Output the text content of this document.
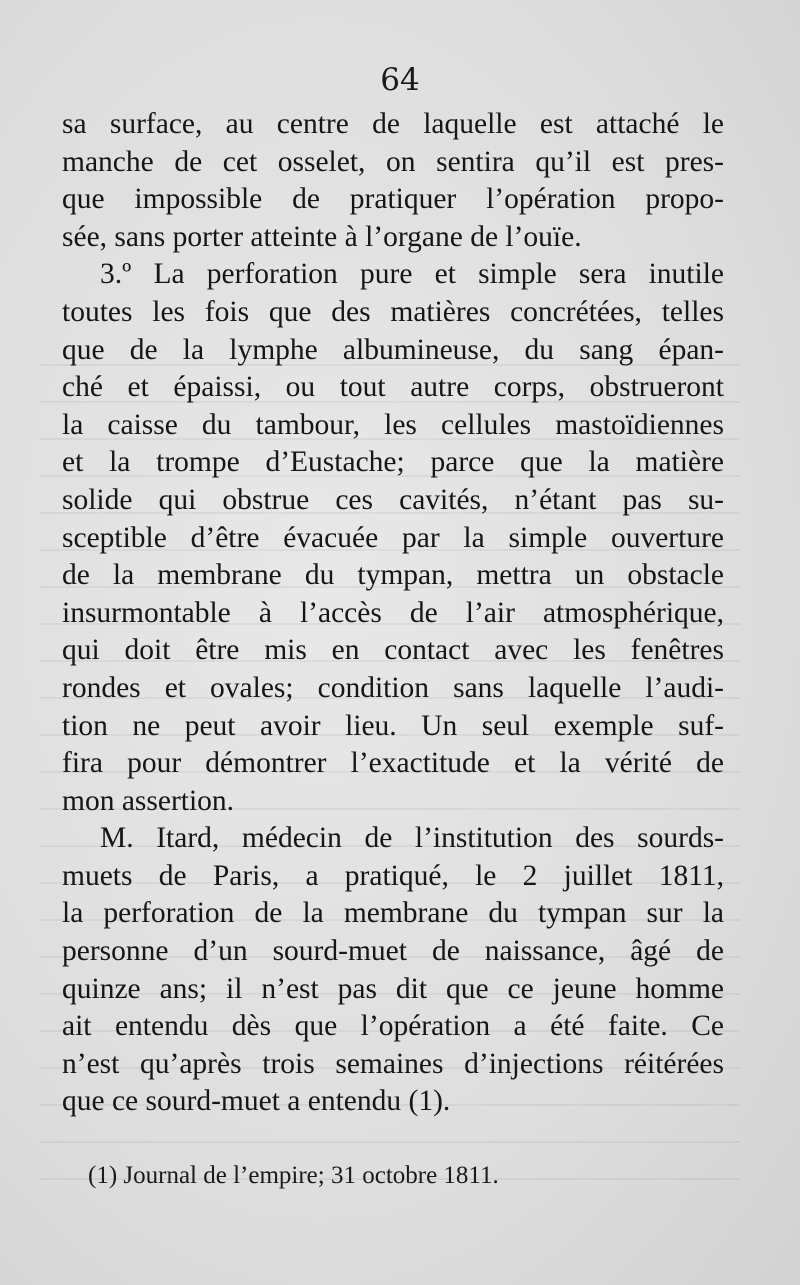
64
sa surface, au centre de laquelle est attaché le
manche de cet osselet, on sentira qu’il est pres-
que impossible de pratiquer l’opération propo-
sée, sans porter atteinte à l’organe de l’ouïe.
3.º La perforation pure et simple sera inutile
toutes les fois que des matières concrétées, telles
que de la lymphe albumineuse, du sang épan-
ché et épaissi, ou tout autre corps, obstrueront
la caisse du tambour, les cellules mastoïdiennes
et la trompe d’Eustache; parce que la matière
solide qui obstrue ces cavités, n’étant pas su-
sceptible d’être évacuée par la simple ouverture
de la membrane du tympan, mettra un obstacle
insurmontable à l’accès de l’air atmosphérique,
qui doit être mis en contact avec les fenêtres
rondes et ovales; condition sans laquelle l’audi-
tion ne peut avoir lieu. Un seul exemple suf-
fira pour démontrer l’exactitude et la vérité de
mon assertion.
M. Itard, médecin de l’institution des sourds-
muets de Paris, a pratiqué, le 2 juillet 1811,
la perforation de la membrane du tympan sur la
personne d’un sourd-muet de naissance, âgé de
quinze ans; il n’est pas dit que ce jeune homme
ait entendu dès que l’opération a été faite. Ce
n’est qu’après trois semaines d’injections réitérées
que ce sourd-muet a entendu (1).
(1) Journal de l’empire; 31 octobre 1811.
